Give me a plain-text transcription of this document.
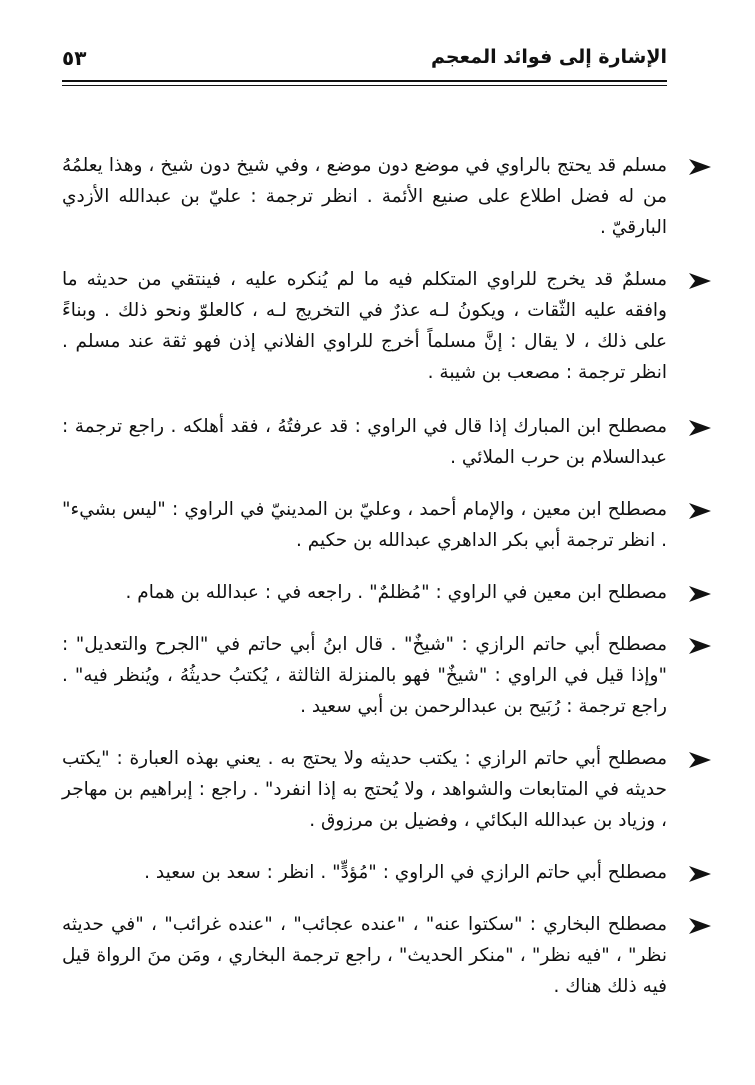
الإشارة إلى فوائد المعجم
٥٣
مسلم قد يحتج بالراوي في موضع دون موضع ، وفي شيخ دون شيخ ، وهذا يعلمُهُ من له فضل اطلاع على صنيع الأئمة . انظر ترجمة : عليّ بن عبدالله الأزدي البارقيّ .
مسلمٌ قد يخرج للراوي المتكلم فيه ما لم يُنكره عليه ، فينتقي من حديثه ما وافقه عليه الثّقات ، ويكونُ لـه عذرٌ في التخريج لـه ، كالعلوّ ونحو ذلك . وبناءً على ذلك ، لا يقال : إنَّ مسلماً أخرج للراوي الفلاني إذن فهو ثقة عند مسلم . انظر ترجمة : مصعب بن شيبة .
مصطلح ابن المبارك إذا قال في الراوي : قد عرفتُهُ ، فقد أهلكه . راجع ترجمة : عبدالسلام بن حرب الملائي .
مصطلح ابن معين ، والإمام أحمد ، وعليّ بن المدينيّ في الراوي : "ليس بشيء" . انظر ترجمة أبي بكر الداهري عبدالله بن حكيم .
مصطلح ابن معين في الراوي : "مُظلمٌ" . راجعه في : عبدالله بن همام .
مصطلح أبي حاتم الرازي : "شيخٌ" . قال ابنُ أبي حاتم في "الجرح والتعديل" : "وإذا قيل في الراوي : "شيخٌ" فهو بالمنزلة الثالثة ، يُكتبُ حديثُهُ ، ويُنظر فيه" . راجع ترجمة : رُبَيح بن عبدالرحمن بن أبي سعيد .
مصطلح أبي حاتم الرازي : يكتب حديثه ولا يحتج به . يعني بهذه العبارة : "يكتب حديثه في المتابعات والشواهد ، ولا يُحتج به إذا انفرد" . راجع : إبراهيم بن مهاجر ، وزياد بن عبدالله البكائي ، وفضيل بن مرزوق .
مصطلح أبي حاتم الرازي في الراوي : "مُؤدٍّ" . انظر : سعد بن سعيد .
مصطلح البخاري : "سكتوا عنه" ، "عنده عجائب" ، "عنده غرائب" ، "في حديثه نظر" ، "فيه نظر" ، "منكر الحديث" ، راجع ترجمة البخاري ، ومَن منَ الرواة قيل فيه ذلك هناك .
